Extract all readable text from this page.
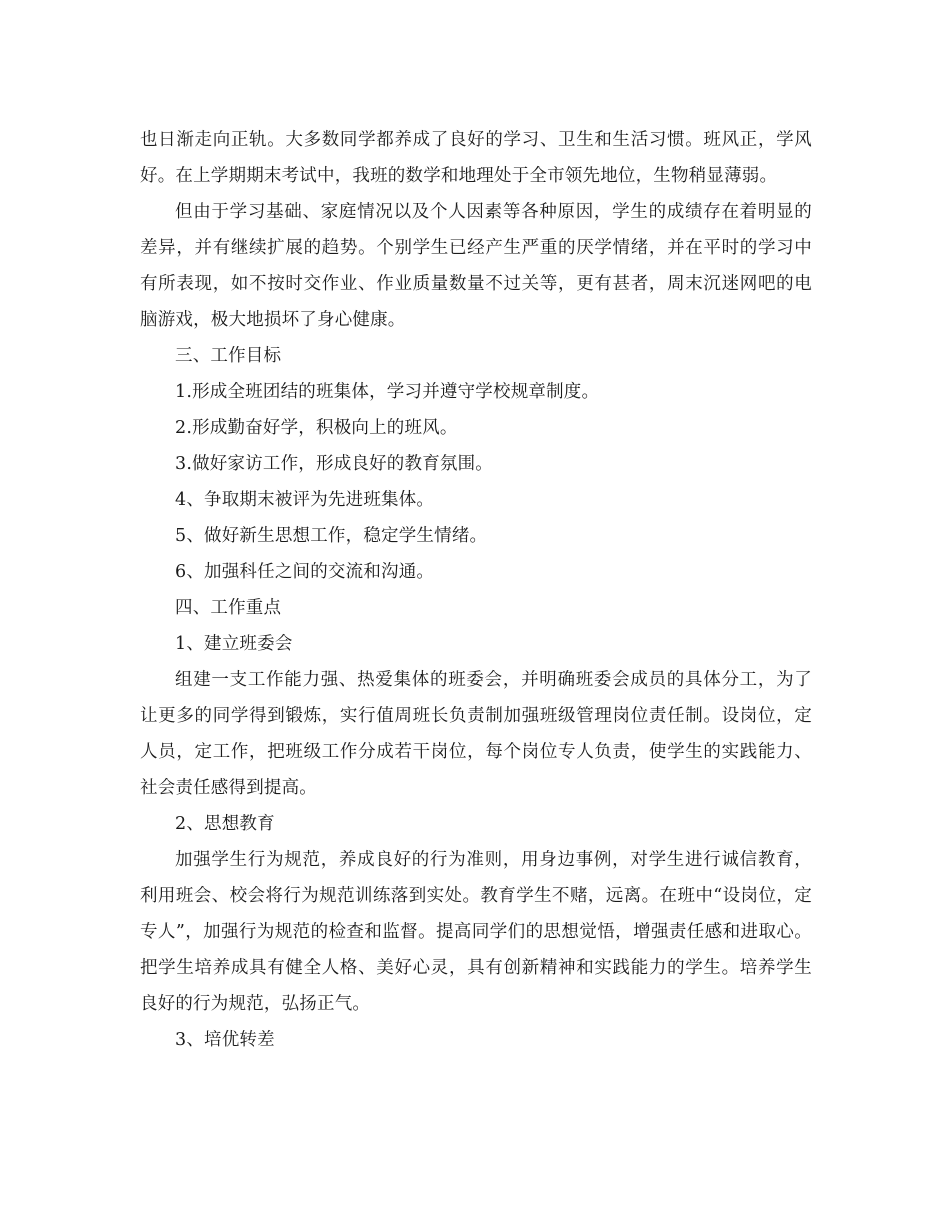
也日渐走向正轨。大多数同学都养成了良好的学习、卫生和生活习惯。班风正，学风好。在上学期期末考试中，我班的数学和地理处于全市领先地位，生物稍显薄弱。

但由于学习基础、家庭情况以及个人因素等各种原因，学生的成绩存在着明显的差异，并有继续扩展的趋势。个别学生已经产生严重的厌学情绪，并在平时的学习中有所表现，如不按时交作业、作业质量数量不过关等，更有甚者，周末沉迷网吧的电脑游戏，极大地损坏了身心健康。

三、工作目标

1.形成全班团结的班集体，学习并遵守学校规章制度。

2.形成勤奋好学，积极向上的班风。

3.做好家访工作，形成良好的教育氛围。

4、争取期末被评为先进班集体。

5、做好新生思想工作，稳定学生情绪。

6、加强科任之间的交流和沟通。

四、工作重点

1、建立班委会

组建一支工作能力强、热爱集体的班委会，并明确班委会成员的具体分工，为了让更多的同学得到锻炼，实行值周班长负责制加强班级管理岗位责任制。设岗位，定人员，定工作，把班级工作分成若干岗位，每个岗位专人负责，使学生的实践能力、社会责任感得到提高。

2、思想教育

加强学生行为规范，养成良好的行为准则，用身边事例，对学生进行诚信教育，利用班会、校会将行为规范训练落到实处。教育学生不赌，远离。在班中“设岗位，定专人”，加强行为规范的检查和监督。提高同学们的思想觉悟，增强责任感和进取心。把学生培养成具有健全人格、美好心灵，具有创新精神和实践能力的学生。培养学生良好的行为规范，弘扬正气。

3、培优转差
